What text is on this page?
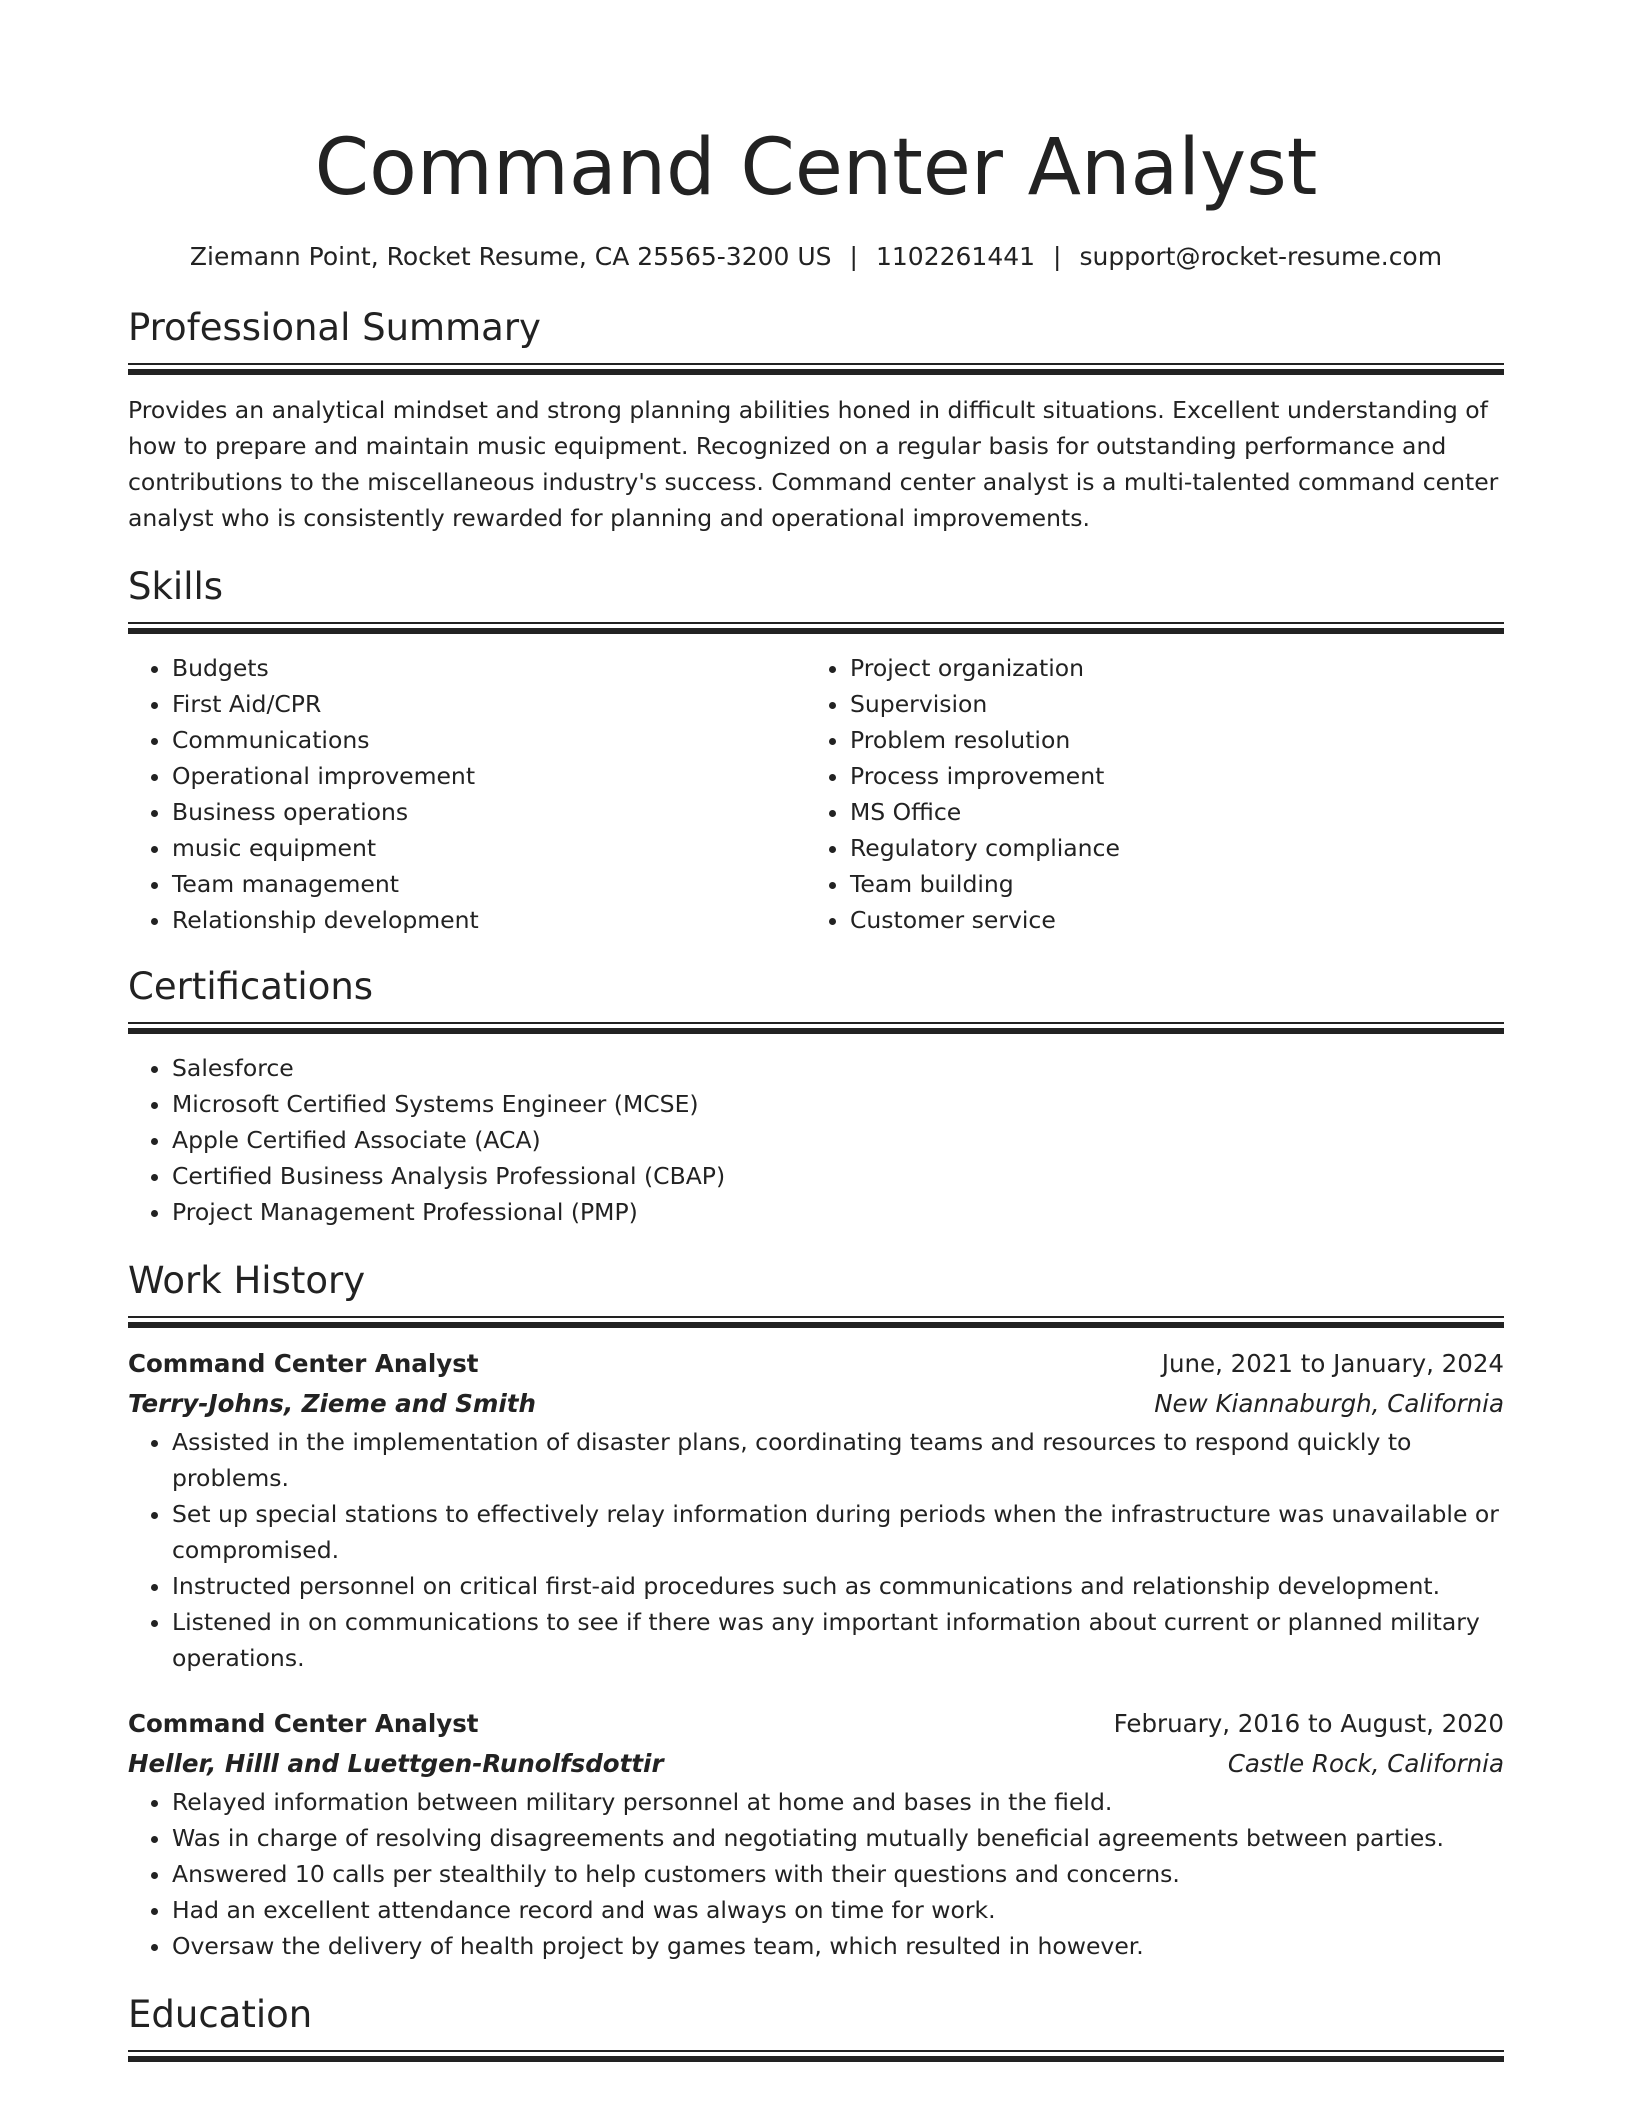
Command Center Analyst
Ziemann Point, Rocket Resume, CA 25565-3200 US | 1102261441 | support@rocket-resume.com
Professional Summary

Provides an analytical mindset and strong planning abilities honed in difficult situations. Excellent understanding of how to prepare and maintain music equipment. Recognized on a regular basis for outstanding performance and contributions to the miscellaneous industry's success. Command center analyst is a multi-talented command center analyst who is consistently rewarded for planning and operational improvements.

Skills
• Budgets
• First Aid/CPR
• Communications
• Operational improvement
• Business operations
• music equipment
• Team management
• Relationship development
• Project organization
• Supervision
• Problem resolution
• Process improvement
• MS Office
• Regulatory compliance
• Team building
• Customer service
Certifications
• Salesforce
• Microsoft Certified Systems Engineer (MCSE)
• Apple Certified Associate (ACA)
• Certified Business Analysis Professional (CBAP)
• Project Management Professional (PMP)
Work History
Command Center Analyst	June, 2021 to January, 2024
Terry-Johns, Zieme and Smith	New Kiannaburgh, California
• Assisted in the implementation of disaster plans, coordinating teams and resources to respond quickly to problems.
• Set up special stations to effectively relay information during periods when the infrastructure was unavailable or compromised.
• Instructed personnel on critical first-aid procedures such as communications and relationship development.
• Listened in on communications to see if there was any important information about current or planned military operations.
Command Center Analyst	February, 2016 to August, 2020
Heller, Hilll and Luettgen-Runolfsdottir	Castle Rock, California
• Relayed information between military personnel at home and bases in the field.
• Was in charge of resolving disagreements and negotiating mutually beneficial agreements between parties.
• Answered 10 calls per stealthily to help customers with their questions and concerns.
• Had an excellent attendance record and was always on time for work.
• Oversaw the delivery of health project by games team, which resulted in however.
Education
